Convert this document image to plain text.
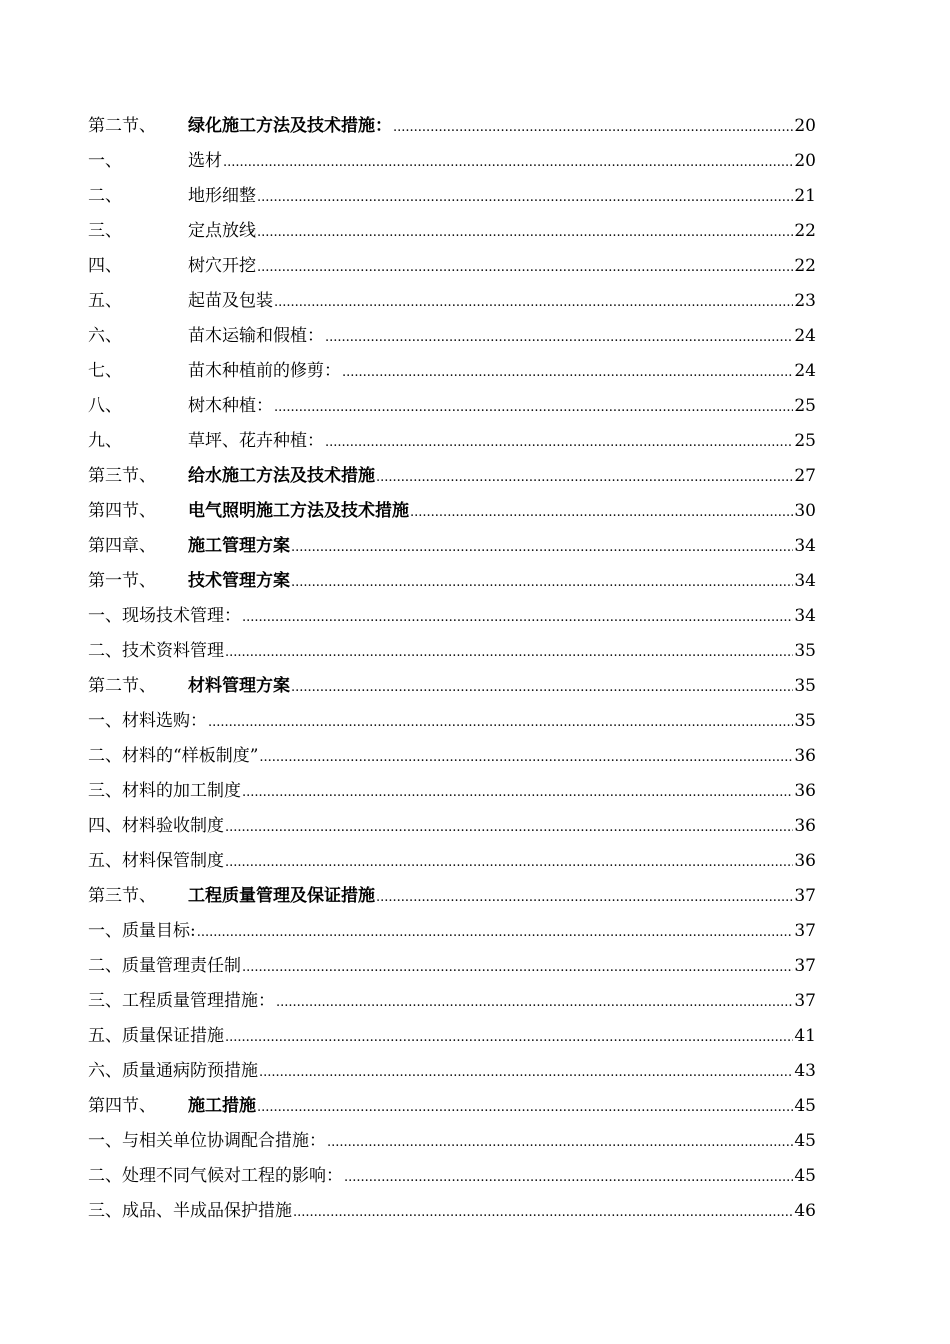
第二节、	绿化施工方法及技术措施： .....	20
一、	选材 .....	20
二、	地形细整 .....	21
三、	定点放线 .....	22
四、	树穴开挖 .....	22
五、	起苗及包装 .....	23
六、	苗木运输和假植： .....	24
七、	苗木种植前的修剪： .....	24
八、	树木种植： .....	25
九、	草坪、花卉种植： .....	25
第三节、	给水施工方法及技术措施 .....	27
第四节、	电气照明施工方法及技术措施 .....	30
第四章、	施工管理方案 .....	34
第一节、	技术管理方案 .....	34
一、现场技术管理： .....	34
二、技术资料管理 .....	35
第二节、	材料管理方案 .....	35
一、材料选购： .....	35
二、材料的“样板制度” .....	36
三、材料的加工制度 .....	36
四、材料验收制度 .....	36
五、材料保管制度 .....	36
第三节、	工程质量管理及保证措施 .....	37
一、质量目标: .....	37
二、质量管理责任制 .....	37
三、工程质量管理措施： .....	37
五、质量保证措施 .....	41
六、质量通病防预措施 .....	43
第四节、	施工措施 .....	45
一、与相关单位协调配合措施： .....	45
二、处理不同气候对工程的影响： .....	45
三、成品、半成品保护措施 .....	46
